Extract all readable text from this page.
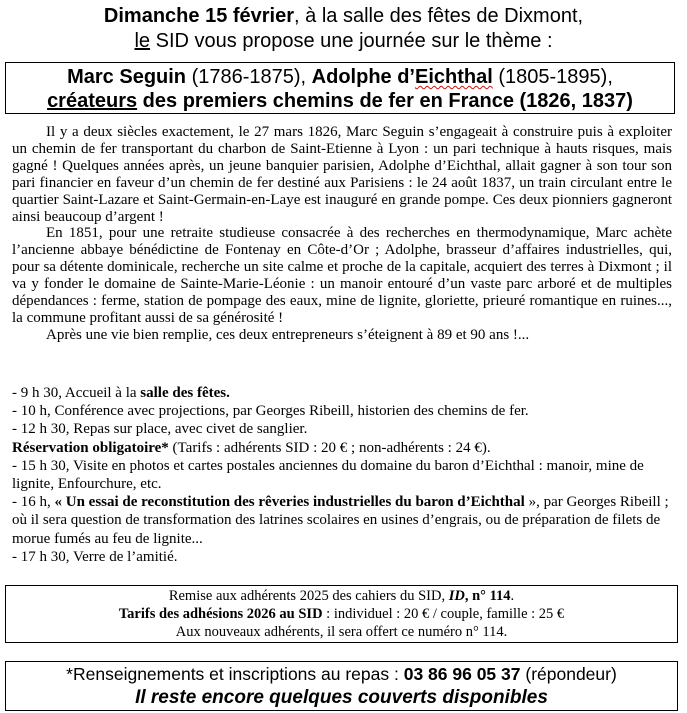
Dimanche 15 février, à la salle des fêtes de Dixmont,
le SID vous propose une journée sur le thème :
Marc Seguin (1786-1875), Adolphe d’Eichthal (1805-1895),
créateurs des premiers chemins de fer en France (1826, 1837)

Il y a deux siècles exactement, le 27 mars 1826, Marc Seguin s’engageait à construire puis à exploiter un chemin de fer transportant du charbon de Saint-Etienne à Lyon : un pari technique à hauts risques, mais gagné ! Quelques années après, un jeune banquier parisien, Adolphe d’Eichthal, allait gagner à son tour son pari financier en faveur d’un chemin de fer destiné aux Parisiens : le 24 août 1837, un train circulant entre le quartier Saint-Lazare et Saint-Germain-en-Laye est inauguré en grande pompe. Ces deux pionniers gagneront ainsi beaucoup d’argent !

En 1851, pour une retraite studieuse consacrée à des recherches en thermodynamique, Marc achète l’ancienne abbaye bénédictine de Fontenay en Côte-d’Or ; Adolphe, brasseur d’affaires industrielles, qui, pour sa détente dominicale, recherche un site calme et proche de la capitale, acquiert des terres à Dixmont ; il va y fonder le domaine de Sainte-Marie-Léonie : un manoir entouré d’un vaste parc arboré et de multiples dépendances : ferme, station de pompage des eaux, mine de lignite, gloriette, prieuré romantique en ruines..., la commune profitant aussi de sa générosité !

Après une vie bien remplie, ces deux entrepreneurs s’éteignent à 89 et 90 ans !...

- 9 h 30, Accueil à la salle des fêtes.
- 10 h, Conférence avec projections, par Georges Ribeill, historien des chemins de fer.
- 12 h 30, Repas sur place, avec civet de sanglier.
Réservation obligatoire* (Tarifs : adhérents SID : 20 € ; non-adhérents : 24 €).
- 15 h 30, Visite en photos et cartes postales anciennes du domaine du baron d’Eichthal : manoir, mine de lignite, Enfourchure, etc.
- 16 h, « Un essai de reconstitution des rêveries industrielles du baron d’Eichthal », par Georges Ribeill ; où il sera question de transformation des latrines scolaires en usines d’engrais, ou de préparation de filets de morue fumés au feu de lignite...
- 17 h 30, Verre de l’amitié.
Remise aux adhérents 2025 des cahiers du SID, ID, n° 114.
Tarifs des adhésions 2026 au SID : individuel : 20 € / couple, famille : 25 €
Aux nouveaux adhérents, il sera offert ce numéro n° 114.
*Renseignements et inscriptions au repas : 03 86 96 05 37 (répondeur)
Il reste encore quelques couverts disponibles
